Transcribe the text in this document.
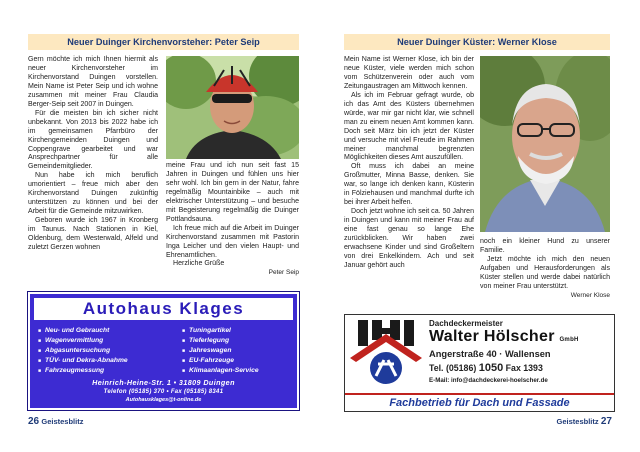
Neuer Duinger Kirchenvorsteher: Peter Seip

Gern möchte ich mich Ihnen hiermit als neuer Kirchenvorsteher im Kirchenvorstand Duingen vorstellen. Mein Name ist Peter Seip und ich wohne zusammen mit meiner Frau Claudia Berger-Seip seit 2007 in Duingen.

Für die meisten bin ich sicher nicht unbekannt. Von 2013 bis 2022 habe ich im gemeinsamen Pfarrbüro der Kirchengemeinden Duingen und Coppengrave gearbeitet und war Ansprechpartner für alle Gemeindemitglieder.

Nun habe ich mich beruflich umorientiert – freue mich aber den Kirchenvorstand Duingen zukünftig unterstützen zu können und bei der Arbeit für die Gemeinde mitzuwirken.

Geboren wurde ich 1967 in Kronberg im Taunus. Nach Stationen in Kiel, Oldenburg, dem Westerwald, Alfeld und zuletzt Gerzen wohnen

meine Frau und ich nun seit fast 15 Jahren in Duingen und fühlen uns hier sehr wohl. Ich bin gern in der Natur, fahre regelmäßig Mountainbike – auch mit elektrischer Unterstützung – und besuche mit Begeisterung regelmäßig die Duinger Pottlandsauna.

Ich freue mich auf die Arbeit im Duinger Kirchenvorstand zusammen mit Pastorin Inga Leicher und den vielen Haupt- und Ehrenamtlichen.

Herzliche Grüße

Peter Seip

Autohaus Klages
■ Neu- und Gebraucht
■ Wagenvermittlung
■ Abgasuntersuchung
■ TÜV- und Dekra-Abnahme
■ Fahrzeugmessung
■ Tuningartikel
■ Tieferlegung
■ Jahreswagen
■ EU-Fahrzeuge
■ Klimaanlagen-Service
Heinrich-Heine-Str. 1 • 31809 Duingen
Telefon (05185) 370 • Fax (05185) 8341
Autohausklages@t-online.de
26 Geistesblitz
Neuer Duinger Küster: Werner Klose

Mein Name ist Werner Klose, ich bin der neue Küster, viele werden mich schon vom Schützenverein oder auch vom Zeitungaustragen am Mittwoch kennen.

Als ich im Februar gefragt wurde, ob ich das Amt des Küsters übernehmen würde, war mir gar nicht klar, wie schnell man zu einem neuen Amt kommen kann. Doch seit März bin ich jetzt der Küster und versuche mit viel Freude im Rahmen meiner manchmal begrenzten Möglichkeiten dieses Amt auszufüllen.

Oft muss ich dabei an meine Großmutter, Minna Basse, denken. Sie war, so lange ich denken kann, Küsterin in Fölziehausen und manchmal durfte ich bei ihrer Arbeit helfen.

Doch jetzt wohne ich seit ca. 50 Jahren in Duingen und kann mit meiner Frau auf eine fast genau so lange Ehe zurückblicken. Wir haben zwei erwachsene Kinder und sind Großeltern von drei Enkelkindern. Ach und seit Januar gehört auch

noch ein kleiner Hund zu unserer Familie.

Jetzt möchte ich mich den neuen Aufgaben und Herausforderungen als Küster stellen und werde dabei natürlich von meiner Frau unterstützt.

Werner Klose

Dachdeckermeister
Walter Hölscher GmbH
Angerstraße 40 · Wallensen
Tel. (05186) 1050 Fax 1393
E-Mail: info@dachdeckerei-hoelscher.de
Fachbetrieb für Dach und Fassade
Geistesblitz 27
